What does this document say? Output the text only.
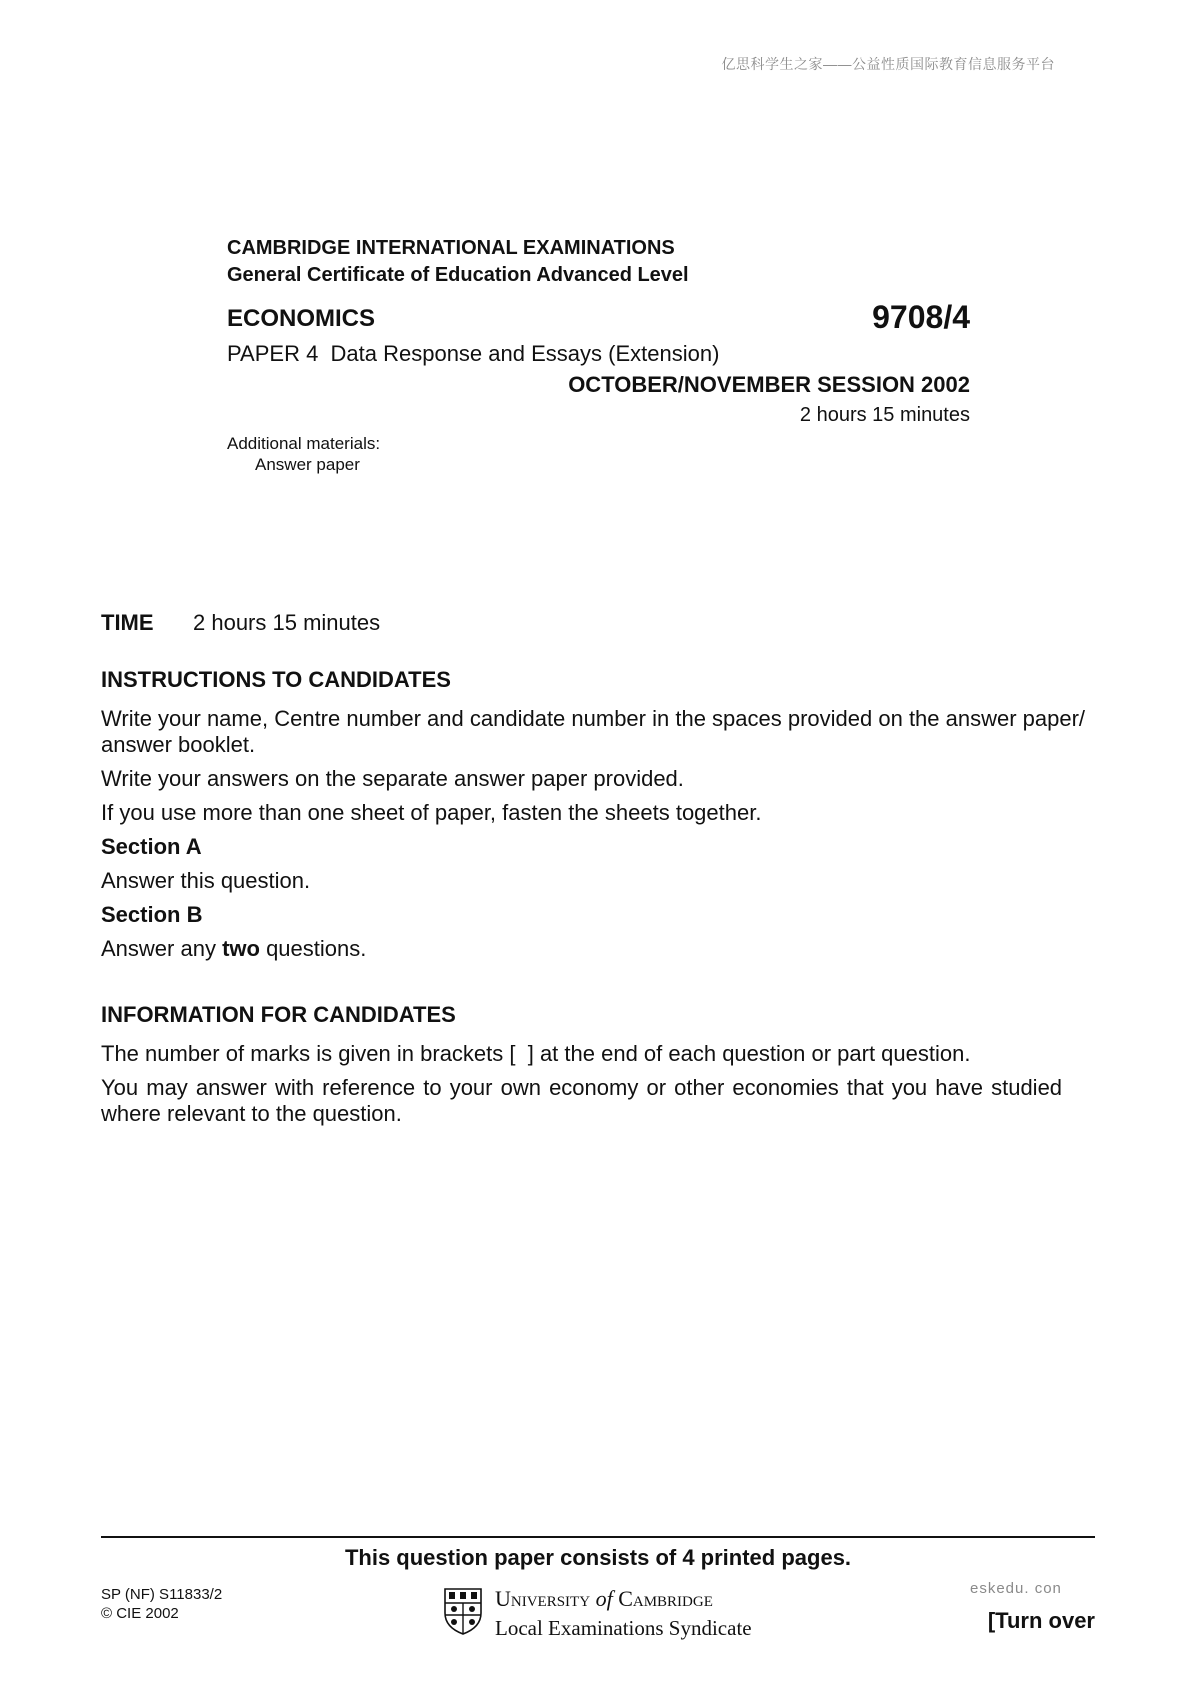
亿思科学生之家——公益性质国际教育信息服务平台
CAMBRIDGE INTERNATIONAL EXAMINATIONS
General Certificate of Education Advanced Level
ECONOMICS	9708/4
PAPER 4  Data Response and Essays (Extension)
OCTOBER/NOVEMBER SESSION 2002
2 hours 15 minutes
Additional materials:
Answer paper
TIME 2 hours 15 minutes
INSTRUCTIONS TO CANDIDATES
Write your name, Centre number and candidate number in the spaces provided on the answer paper/
answer booklet.
Write your answers on the separate answer paper provided.
If you use more than one sheet of paper, fasten the sheets together.
Section A
Answer this question.
Section B
Answer any two questions.
INFORMATION FOR CANDIDATES
The number of marks is given in brackets [  ] at the end of each question or part question.
You may answer with reference to your own economy or other economies that you have studied
where relevant to the question.
This question paper consists of 4 printed pages.
SP (NF) S11833/2
© CIE 2002
University of Cambridge
Local Examinations Syndicate
eskedu. con
[Turn over
